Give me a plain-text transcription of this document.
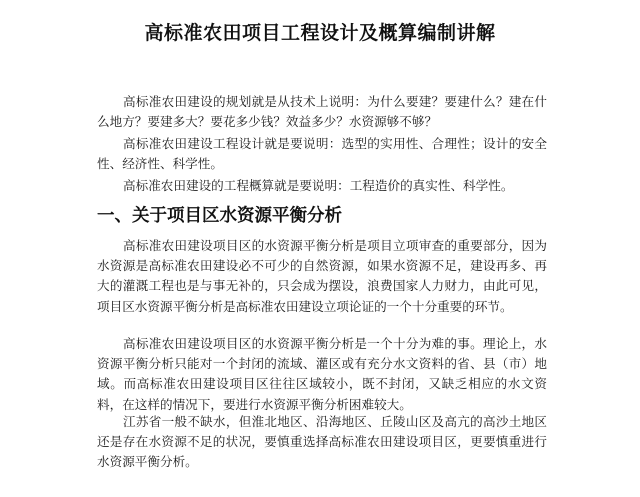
高标准农田项目工程设计及概算编制讲解

高标准农田建设的规划就是从技术上说明：为什么要建？要建什么？建在什么地方？要建多大？要花多少钱？效益多少？水资源够不够？

高标准农田建设工程设计就是要说明：选型的实用性、合理性；设计的安全性、经济性、科学性。

高标准农田建设的工程概算就是要说明：工程造价的真实性、科学性。

一、关于项目区水资源平衡分析

高标准农田建设项目区的水资源平衡分析是项目立项审查的重要部分，因为水资源是高标准农田建设必不可少的自然资源，如果水资源不足，建设再多、再大的灌溉工程也是与事无补的，只会成为摆设，浪费国家人力财力，由此可见，项目区水资源平衡分析是高标准农田建设立项论证的一个十分重要的环节。

高标准农田建设项目区的水资源平衡分析是一个十分为难的事。理论上，水资源平衡分析只能对一个封闭的流域、灌区或有充分水文资料的省、县（市）地域。而高标准农田建设项目区往往区域较小，既不封闭，又缺乏相应的水文资料，在这样的情况下，要进行水资源平衡分析困难较大。

江苏省一般不缺水，但淮北地区、沿海地区、丘陵山区及高亢的高沙土地区还是存在水资源不足的状况，要慎重选择高标准农田建设项目区，更要慎重进行水资源平衡分析。
